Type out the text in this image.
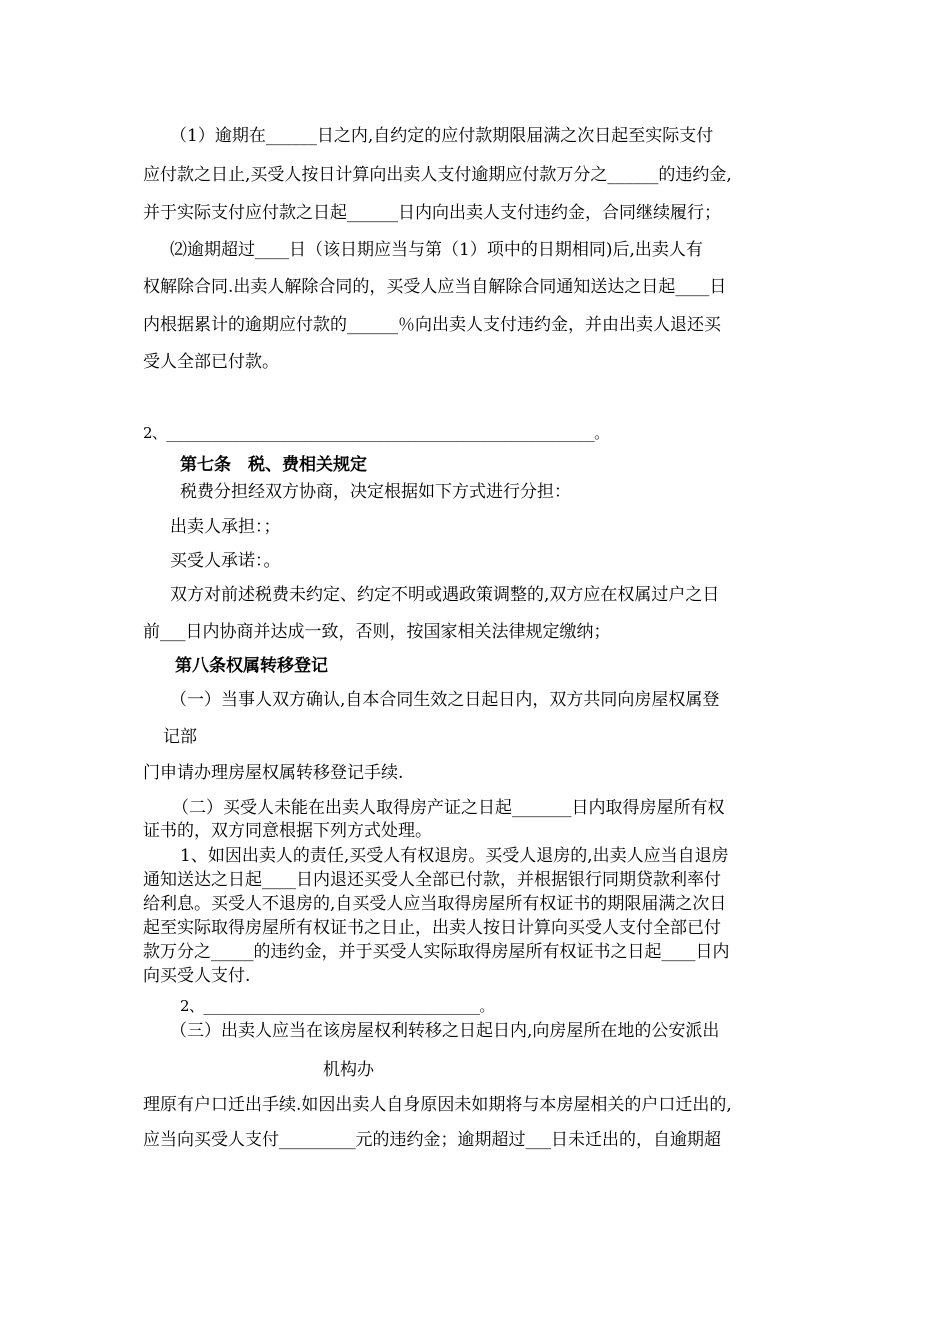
（1）逾期在______日之内,自约定的应付款期限届满之次日起至实际支付
应付款之日止,买受人按日计算向出卖人支付逾期应付款万分之______的违约金,
并于实际支付应付款之日起______日内向出卖人支付违约金，合同继续履行；
⑵逾期超过____日（该日期应当与第（1）项中的日期相同)后,出卖人有
权解除合同.出卖人解除合同的，买受人应当自解除合同通知送达之日起____日
内根据累计的逾期应付款的______％向出卖人支付违约金，并由出卖人退还买
受人全部已付款。
2、______________________________________________________________。
第七条　税、费相关规定
税费分担经双方协商，决定根据如下方式进行分担：
出卖人承担：；
买受人承诺：。
双方对前述税费未约定、约定不明或遇政策调整的,双方应在权属过户之日
前___日内协商并达成一致，否则，按国家相关法律规定缴纳；
第八条权属转移登记
（一）当事人双方确认,自本合同生效之日起日内，双方共同向房屋权属登
记部
门申请办理房屋权属转移登记手续.
（二）买受人未能在出卖人取得房产证之日起_______日内取得房屋所有权
证书的，双方同意根据下列方式处理。
1、如因出卖人的责任,买受人有权退房。买受人退房的,出卖人应当自退房
通知送达之日起____日内退还买受人全部已付款，并根据银行同期贷款利率付
给利息。买受人不退房的,自买受人应当取得房屋所有权证书的期限届满之次日
起至实际取得房屋所有权证书之日止，出卖人按日计算向买受人支付全部已付
款万分之_____的违约金，并于买受人实际取得房屋所有权证书之日起____日内
向买受人支付.
2、________________________________________。
（三）出卖人应当在该房屋权利转移之日起日内,向房屋所在地的公安派出
机构办
理原有户口迁出手续.如因出卖人自身原因未如期将与本房屋相关的户口迁出的,
应当向买受人支付_________元的违约金；逾期超过___日未迁出的，自逾期超
